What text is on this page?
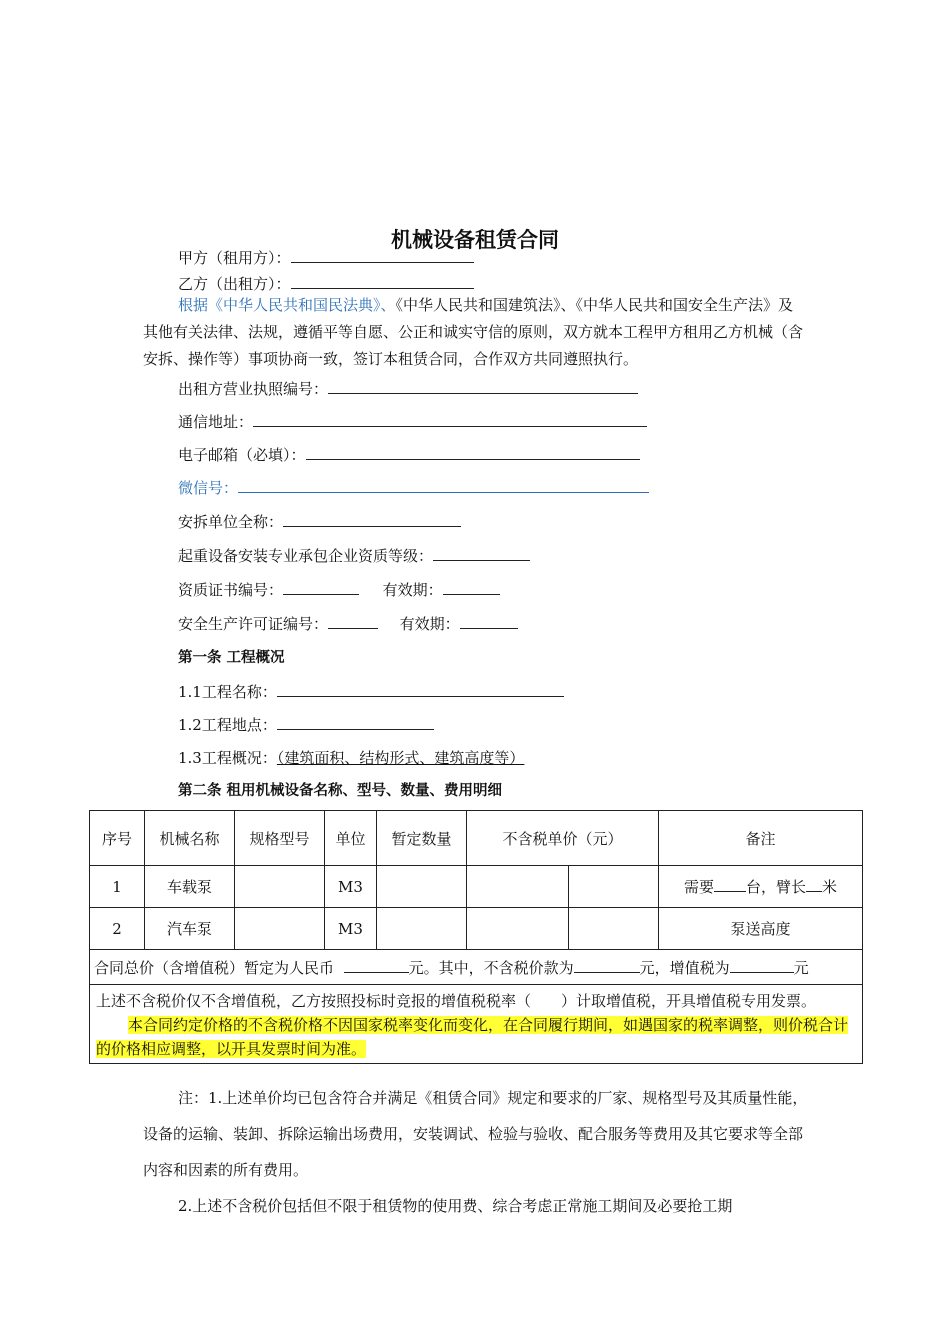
机械设备租赁合同
甲方（租用方）：
乙方（出租方）：
根据《中华人民共和国民法典》、《中华人民共和国建筑法》、《中华人民共和国安全生产法》及其他有关法律、法规，遵循平等自愿、公正和诚实守信的原则，双方就本工程甲方租用乙方机械（含安拆、操作等）事项协商一致，签订本租赁合同，合作双方共同遵照执行。
出租方营业执照编号：
通信地址：
电子邮箱（必填）：
微信号：
安拆单位全称：
起重设备安装专业承包企业资质等级：
资质证书编号：	有效期：
安全生产许可证编号：	有效期：
第一条 工程概况
1.1工程名称：
1.2工程地点：
1.3工程概况：（建筑面积、结构形式、建筑高度等）
第二条 租用机械设备名称、型号、数量、费用明细
序号	机械名称	规格型号	单位	暂定数量	不含税单价（元）		备注
1	车载泵		M3				需要 台，臂长 米
2	汽车泵		M3				泵送高度
合同总价（含增值税）暂定为人民币 元。其中，不含税价款为 元，增值税为 元							

上述不含税价仅不含增值税，乙方按照投标时竞报的增值税税率（　　）计取增值税，开具增值税专用发票。
本合同约定价格的不含税价格不因国家税率变化而变化，在合同履行期间，如遇国家的税率调整，则价税合计的价格相应调整，以开具发票时间为准。							
注：1.上述单价均已包含符合并满足《租赁合同》规定和要求的厂家、规格型号及其质量性能，设备的运输、装卸、拆除运输出场费用，安装调试、检验与验收、配合服务等费用及其它要求等全部内容和因素的所有费用。
2.上述不含税价包括但不限于租赁物的使用费、综合考虑正常施工期间及必要抢工期
